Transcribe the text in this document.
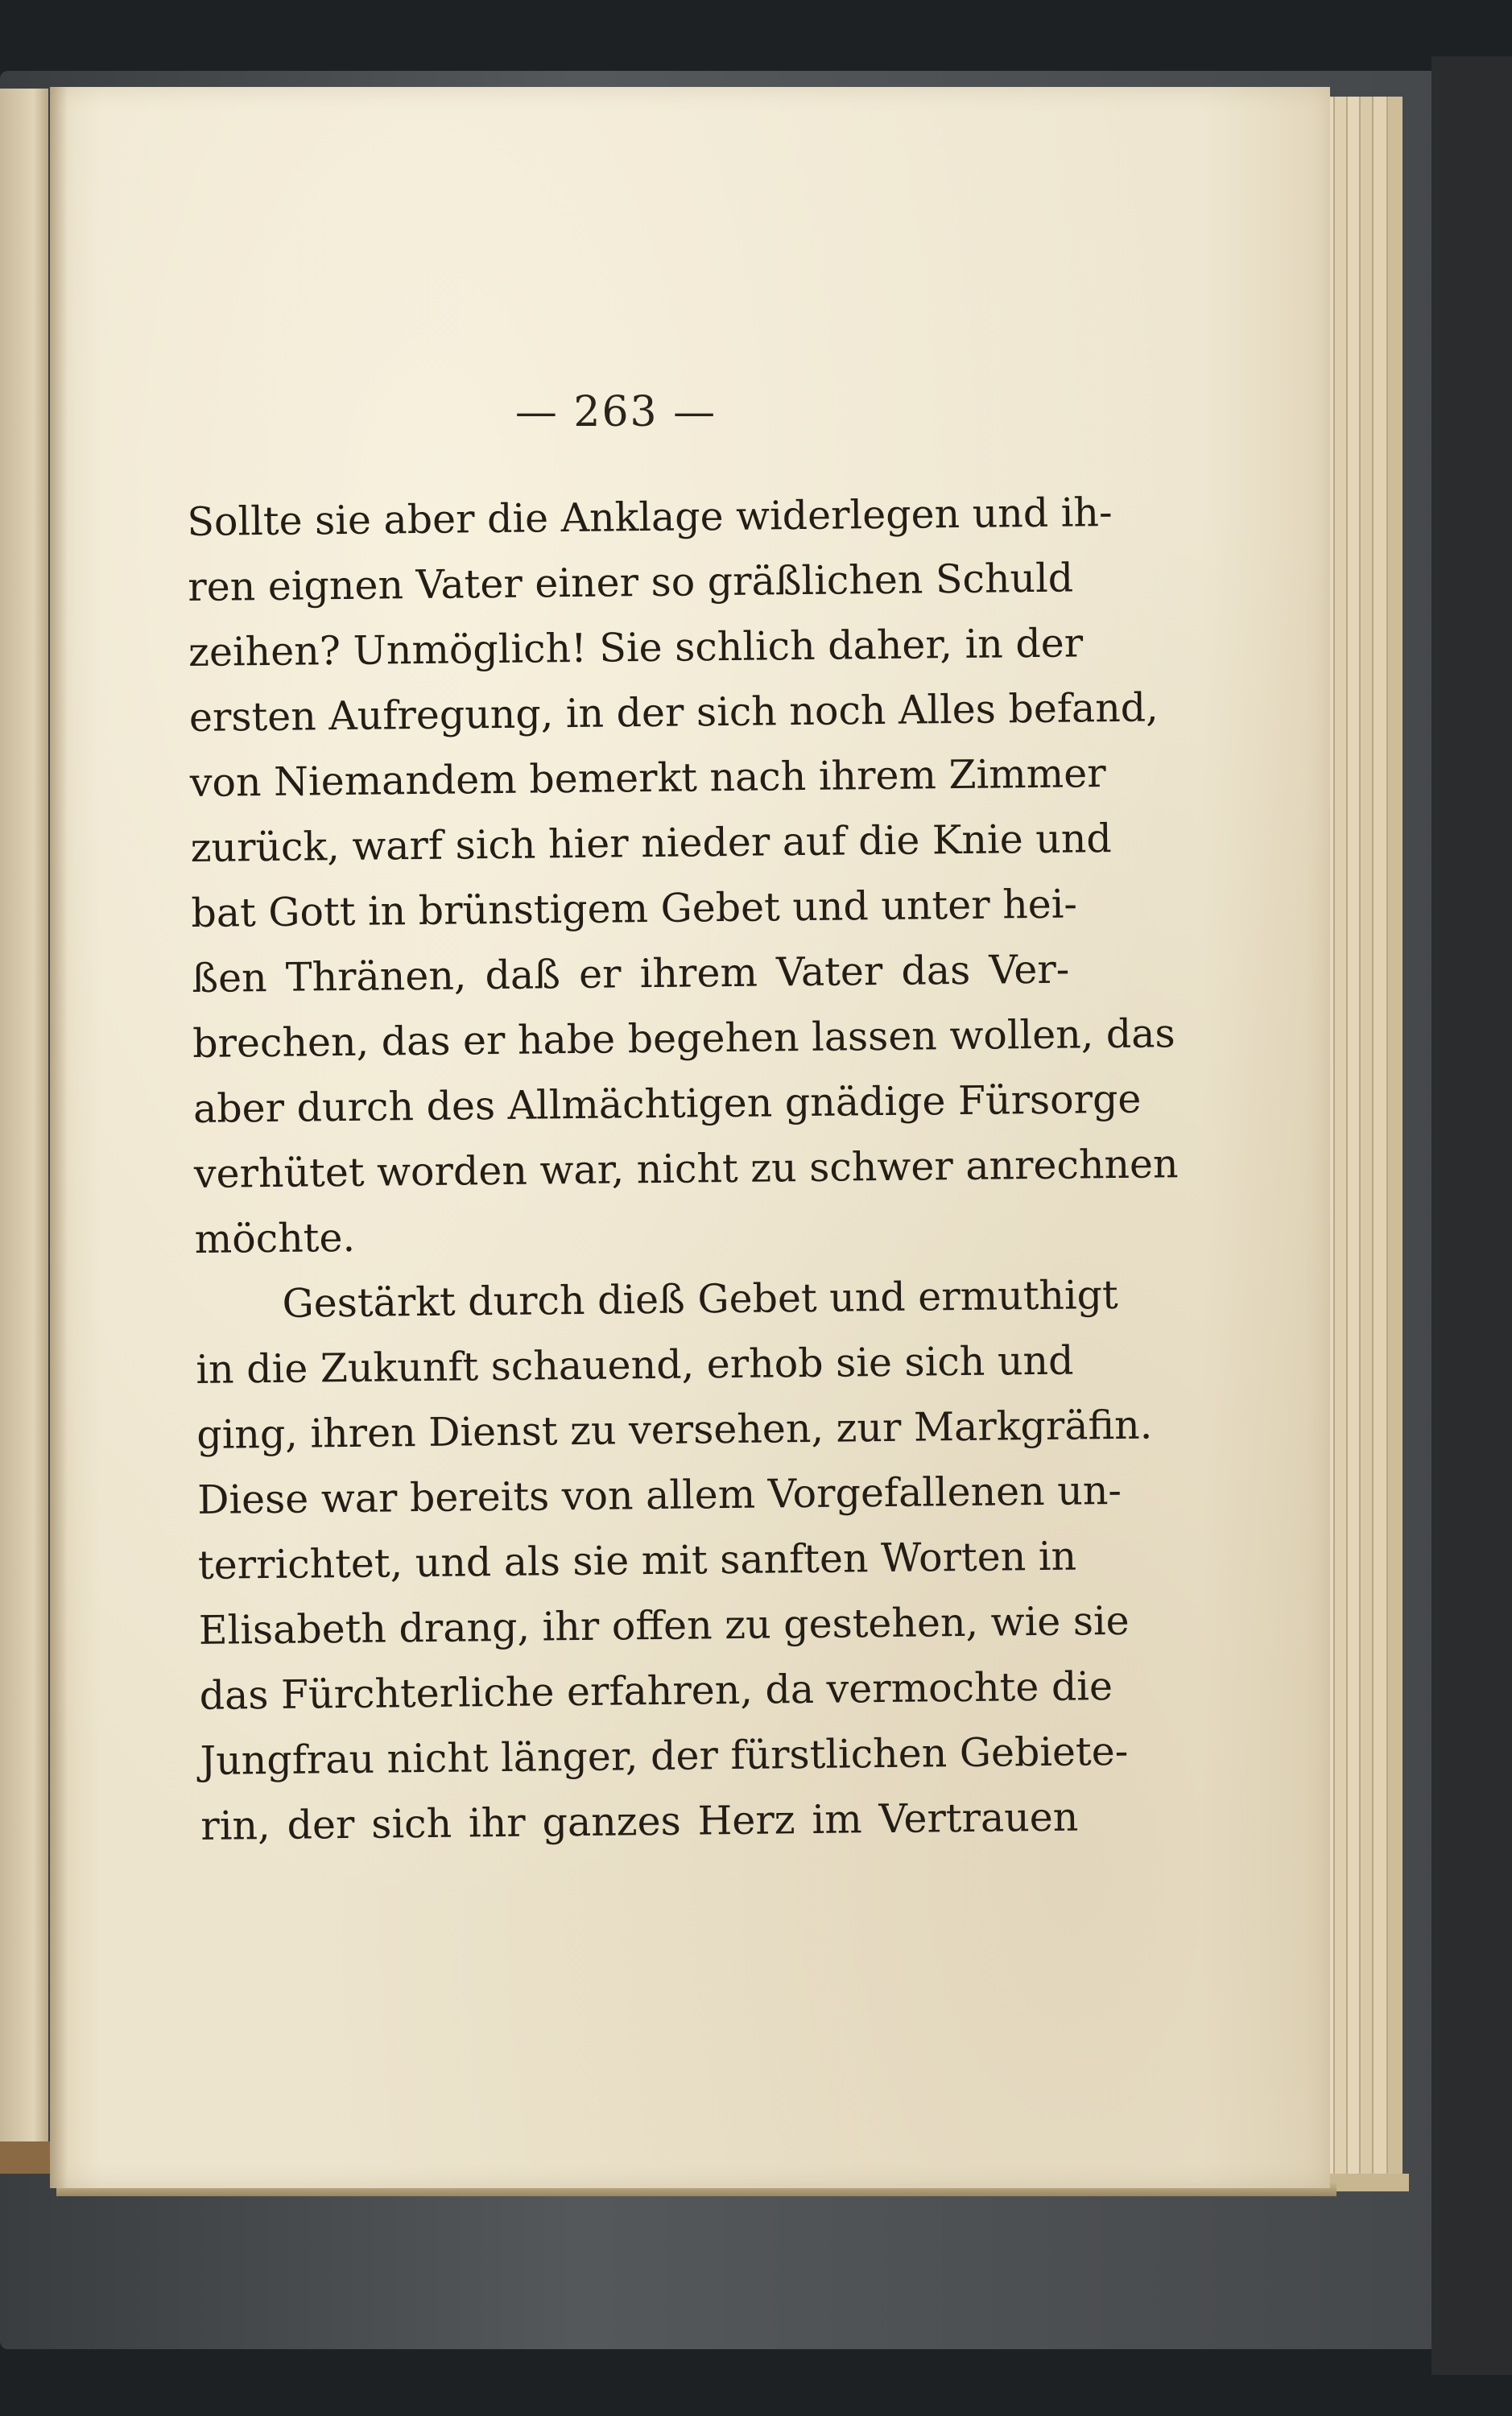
— 263 —
Sollte sie aber die Anklage widerlegen und ih-
ren eignen Vater einer so gräßlichen Schuld
zeihen? Unmöglich! Sie schlich daher, in der
ersten Aufregung, in der sich noch Alles befand,
von Niemandem bemerkt nach ihrem Zimmer
zurück, warf sich hier nieder auf die Knie und
bat Gott in brünstigem Gebet und unter hei-
ßen Thränen, daß er ihrem Vater das Ver-
brechen, das er habe begehen lassen wollen, das
aber durch des Allmächtigen gnädige Fürsorge
verhütet worden war, nicht zu schwer anrechnen
möchte.
Gestärkt durch dieß Gebet und ermuthigt
in die Zukunft schauend, erhob sie sich und
ging, ihren Dienst zu versehen, zur Markgräfin.
Diese war bereits von allem Vorgefallenen un-
terrichtet, und als sie mit sanften Worten in
Elisabeth drang, ihr offen zu gestehen, wie sie
das Fürchterliche erfahren, da vermochte die
Jungfrau nicht länger, der fürstlichen Gebiete-
rin, der sich ihr ganzes Herz im Vertrauen
